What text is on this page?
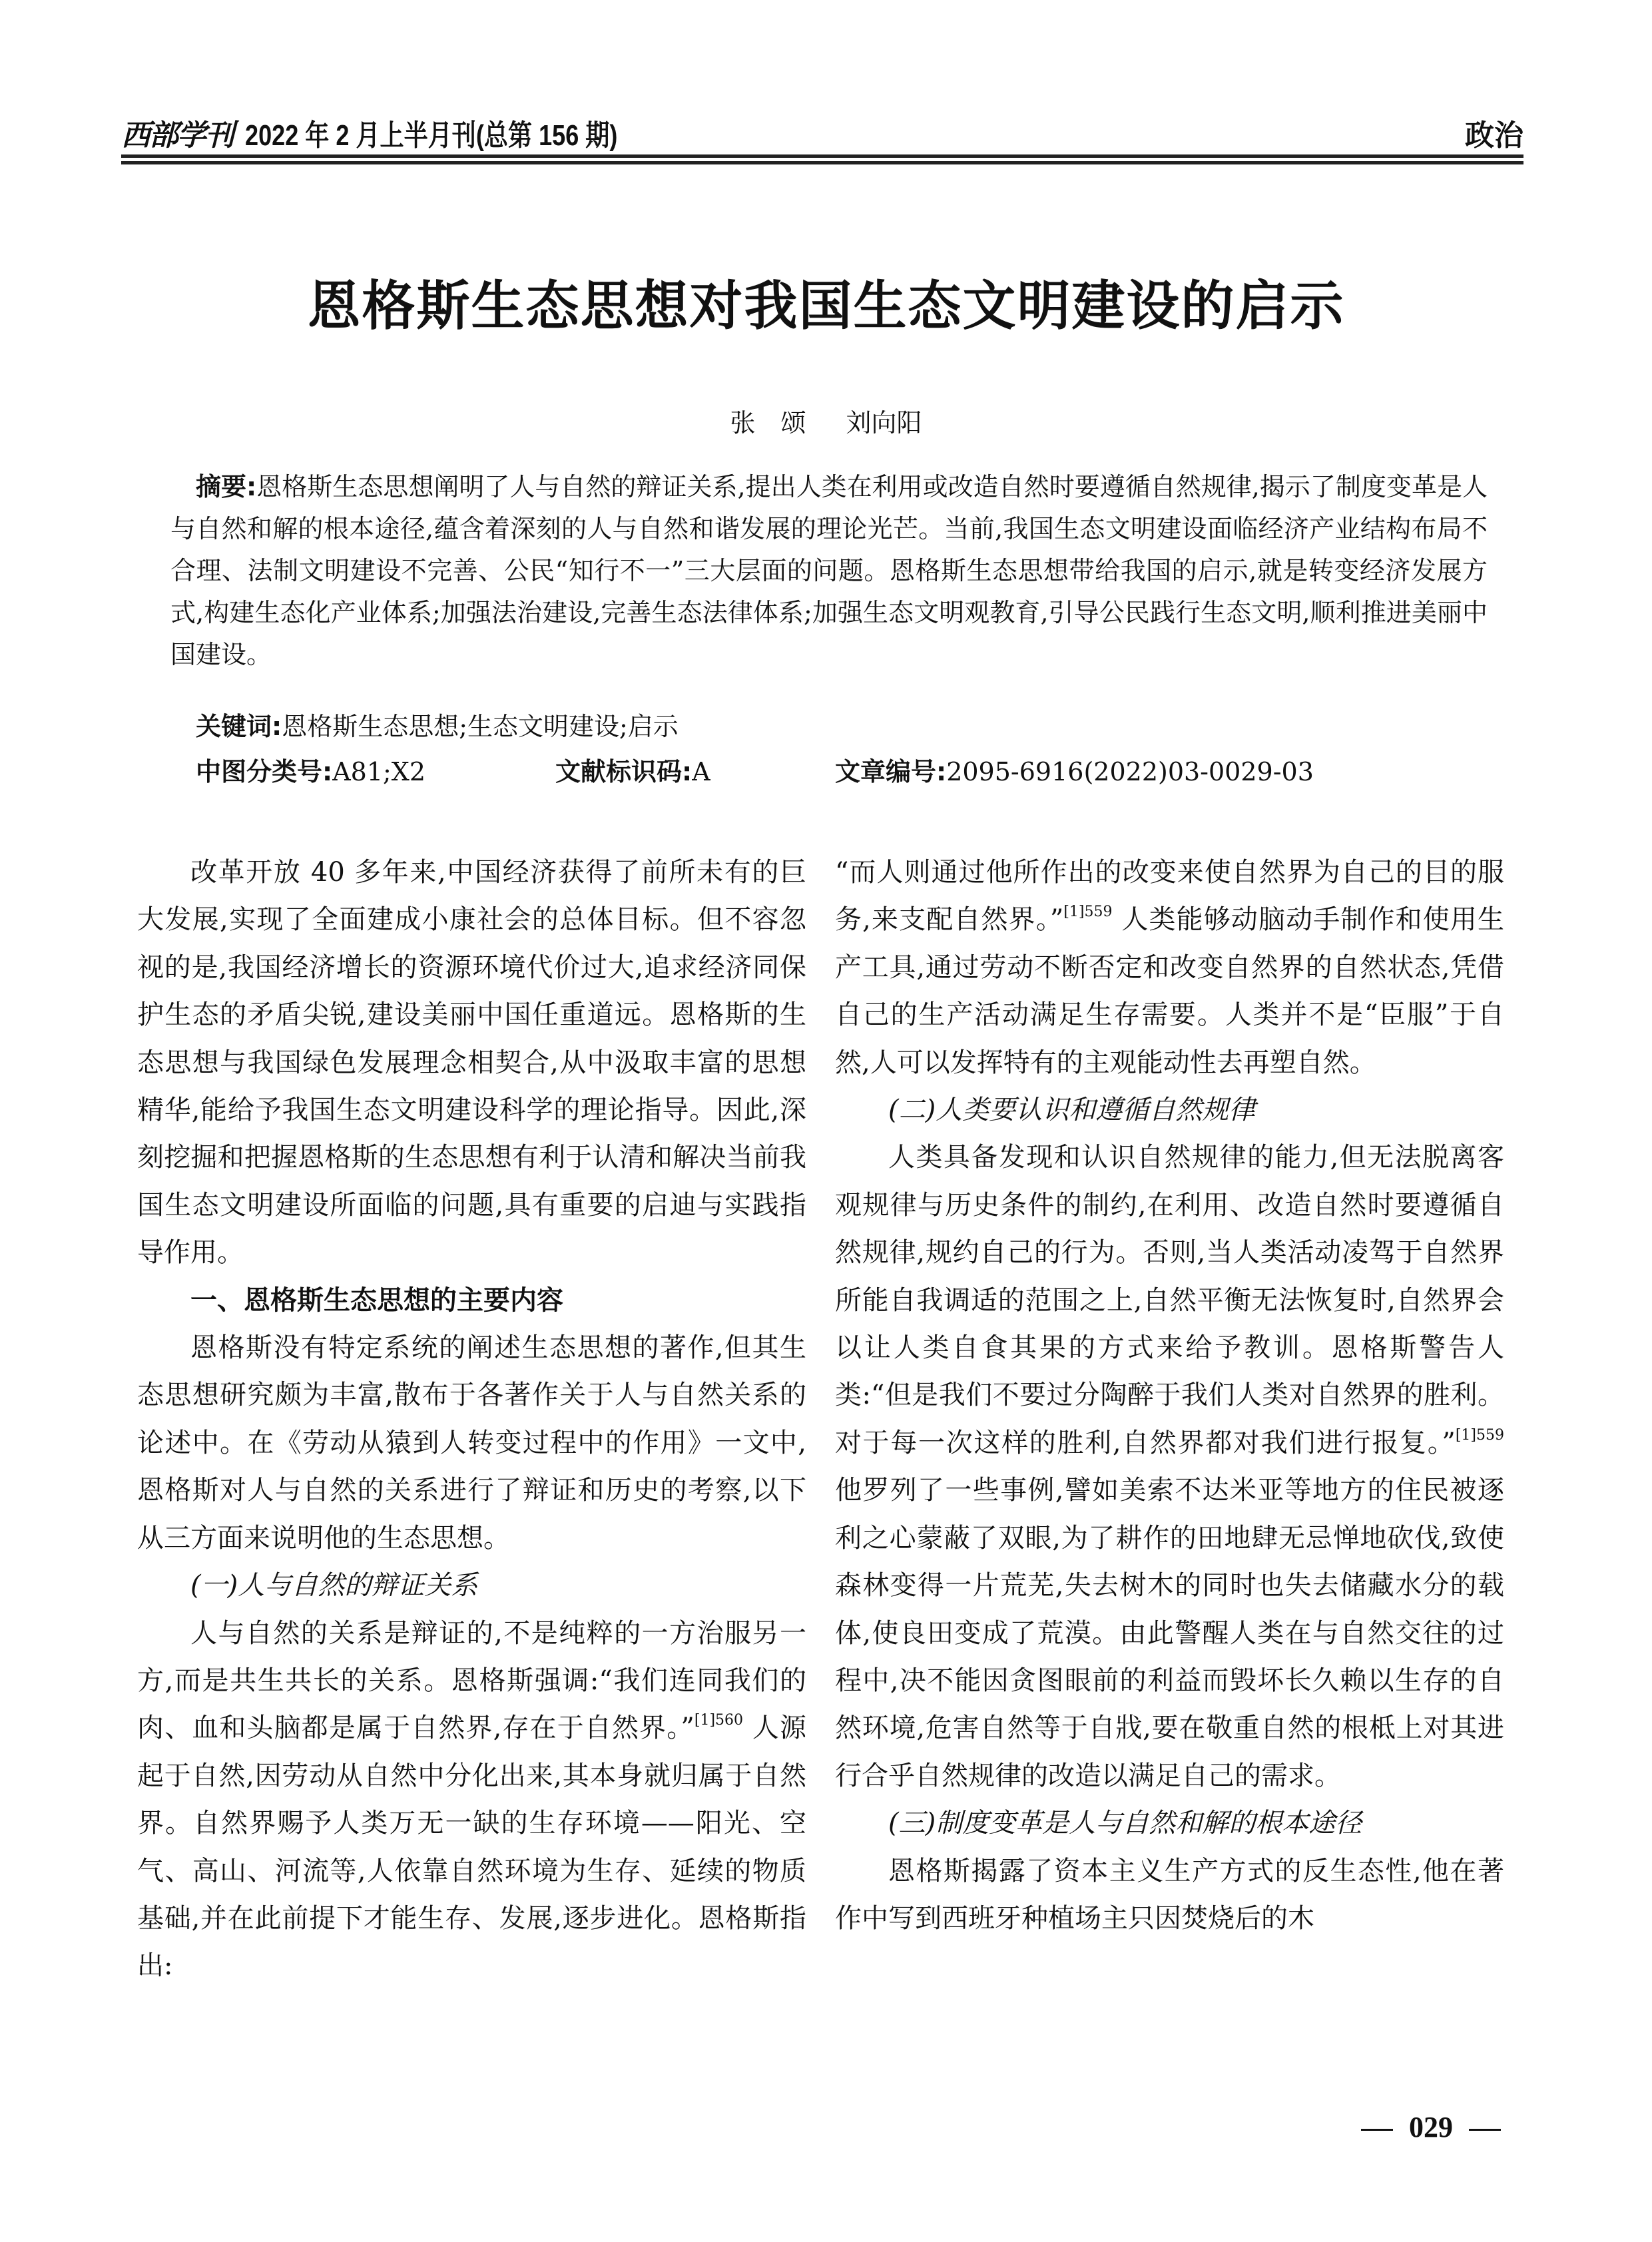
西部学刊 2022 年 2 月上半月刊(总第 156 期)	政治
恩格斯生态思想对我国生态文明建设的启示
张　颂 刘向阳
摘要:恩格斯生态思想阐明了人与自然的辩证关系,提出人类在利用或改造自然时要遵循自然规律,揭示了制度变革是人与自然和解的根本途径,蕴含着深刻的人与自然和谐发展的理论光芒。当前,我国生态文明建设面临经济产业结构布局不合理、法制文明建设不完善、公民“知行不一”三大层面的问题。恩格斯生态思想带给我国的启示,就是转变经济发展方式,构建生态化产业体系;加强法治建设,完善生态法律体系;加强生态文明观教育,引导公民践行生态文明,顺利推进美丽中国建设。
关键词:恩格斯生态思想;生态文明建设;启示
中图分类号:A81;X2	文献标识码:A	文章编号:2095-6916(2022)03-0029-03

改革开放 40 多年来,中国经济获得了前所未有的巨大发展,实现了全面建成小康社会的总体目标。但不容忽视的是,我国经济增长的资源环境代价过大,追求经济同保护生态的矛盾尖锐,建设美丽中国任重道远。恩格斯的生态思想与我国绿色发展理念相契合,从中汲取丰富的思想精华,能给予我国生态文明建设科学的理论指导。因此,深刻挖掘和把握恩格斯的生态思想有利于认清和解决当前我国生态文明建设所面临的问题,具有重要的启迪与实践指导作用。

一、恩格斯生态思想的主要内容

恩格斯没有特定系统的阐述生态思想的著作,但其生态思想研究颇为丰富,散布于各著作关于人与自然关系的论述中。在《劳动从猿到人转变过程中的作用》一文中,恩格斯对人与自然的关系进行了辩证和历史的考察,以下从三方面来说明他的生态思想。

(一)人与自然的辩证关系

人与自然的关系是辩证的,不是纯粹的一方治服另一方,而是共生共长的关系。恩格斯强调:“我们连同我们的肉、血和头脑都是属于自然界,存在于自然界。”$^{[1]560}$ 人源起于自然,因劳动从自然中分化出来,其本身就归属于自然界。自然界赐予人类万无一缺的生存环境——阳光、空气、高山、河流等,人依靠自然环境为生存、延续的物质基础,并在此前提下才能生存、发展,逐步进化。恩格斯指出:

“而人则通过他所作出的改变来使自然界为自己的目的服务,来支配自然界。”$^{[1]559}$ 人类能够动脑动手制作和使用生产工具,通过劳动不断否定和改变自然界的自然状态,凭借自己的生产活动满足生存需要。人类并不是“臣服”于自然,人可以发挥特有的主观能动性去再塑自然。

(二)人类要认识和遵循自然规律

人类具备发现和认识自然规律的能力,但无法脱离客观规律与历史条件的制约,在利用、改造自然时要遵循自然规律,规约自己的行为。否则,当人类活动凌驾于自然界所能自我调适的范围之上,自然平衡无法恢复时,自然界会以让人类自食其果的方式来给予教训。恩格斯警告人类:“但是我们不要过分陶醉于我们人类对自然界的胜利。对于每一次这样的胜利,自然界都对我们进行报复。”$^{[1]559}$ 他罗列了一些事例,譬如美索不达米亚等地方的住民被逐利之心蒙蔽了双眼,为了耕作的田地肆无忌惮地砍伐,致使森林变得一片荒芜,失去树木的同时也失去储藏水分的载体,使良田变成了荒漠。由此警醒人类在与自然交往的过程中,决不能因贪图眼前的利益而毁坏长久赖以生存的自然环境,危害自然等于自戕,要在敬重自然的根柢上对其进行合乎自然规律的改造以满足自己的需求。

(三)制度变革是人与自然和解的根本途径

恩格斯揭露了资本主义生产方式的反生态性,他在著作中写到西班牙种植场主只因焚烧后的木

029
